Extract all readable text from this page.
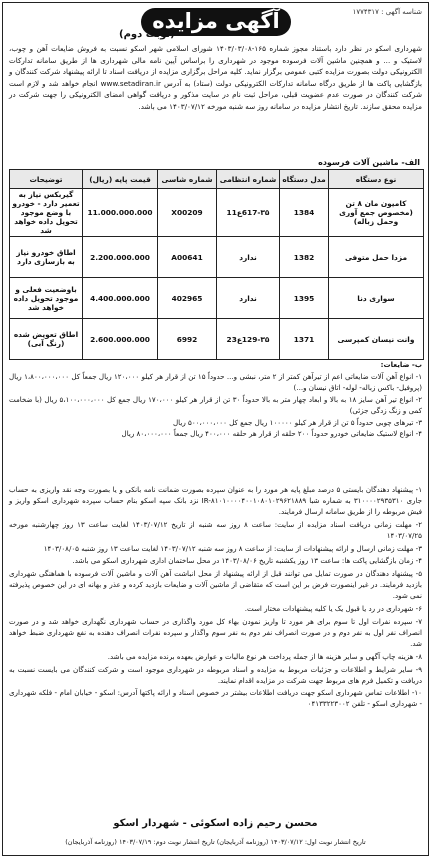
شناسه آگهی : ۱۷۷۴۳۱۷
آگهی مزایده
(نوبت دوم)
شهرداری اسکو در نظر دارد باستناد مجوز شماره ۱۶۵-۱۴۰۳/۰۳/۰۸ شورای اسلامی شهر اسکو نسبت به فروش ضایعات آهن و چوب، لاستیک و ... و همچنین ماشین آلات فرسوده موجود در شهرداری را براساس آیین نامه مالی شهرداری ها از طریق سامانه تدارکات الکترونیکی دولت بصورت مزایده کتبی عمومی برگزار نماید. کلیه مراحل برگزاری مزایده از دریافت اسناد تا ارائه پیشنهاد شرکت کنندگان و بازگشایی پاکت ها از طریق درگاه سامانه تدارکات الکترونیکی دولت (ستاد) به آدرس www.setadiran.ir انجام خواهد شد و لازم است شرکت کنندگان در صورت عدم عضویت قبلی، مراحل ثبت نام در سایت مذکور و دریافت گواهی امضای الکترونیکی را جهت شرکت در مزایده محقق سازند. تاریخ انتشار مزایده در سامانه روز سه شنبه مورخه ۱۴۰۳/۰۷/۱۲ می باشد.
الف- ماشین آلات فرسوده
نوع دستگاه	مدل دستگاه	شماره انتظامی	شماره شاسی	قیمت پایه (ریال)	توضیحات
کامیون مان ۸ تن (مخصوص جمع آوری وحمل زباله)	1384	617-۳۵ع11	X00209	11.000.000.000	گیربکس نیاز به تعمیر دارد - خودرو با وضع موجود تحویل داده خواهد شد
مزدا حمل متوفی	1382	ندارد	A00641	2.200.000.000	اطاق خودرو نیاز به بازسازی دارد
سواری دنا	1395	ندارد	402965	4.400.000.000	باوضعیت فعلی و موجود تحویل داده خواهد شد
وانت نیسان کمپرسی	1371	129-۳۵ع23	6992	2.600.000.000	اطاق تعویض شده (رنگ آبی)

ب- ضایعات:

۱- انواع آهن آلات ضایعاتی اعم از تیرآهن کمتر از ۲ متر، نبشی و... حدوداً ۱۵ تن از قرار هر کیلو ۱۲۰،۰۰۰ ریال جمعاً کل ۱،۸۰۰،۰۰۰،۰۰۰ ریال (پروفیل- باکس زباله- لوله- اتاق نیسان و...)

۲- انواع تیر آهن سایز ۱۸ به بالا و ابعاد چهار متر به بالا حدوداً ۳۰ تن از قرار هر کیلو ۱۷۰،۰۰۰ ریال جمع کل ۵،۱۰۰،۰۰۰،۰۰۰ ریال (با ضخامت کمی و زنگ زدگی جزئی)

۳- تیرهای چوبی حدوداً ۵ تن از قرار هر کیلو ۱۰۰۰۰۰ ریال جمع کل ۵۰۰،۰۰۰،۰۰۰ ریال

۴- انواع لاستیک ضایعاتی خودرو حدوداً ۲۰۰ حلقه از قرار هر حلقه ۴۰۰،۰۰۰ ریال جمعاً ۸۰،۰۰۰،۰۰۰ ریال

۱- پیشنهاد دهندگان بایستی ۵ درصد مبلغ پایه هر مورد را به عنوان سپرده بصورت ضمانت نامه بانکی و یا بصورت وجه نقد واریزی به حساب جاری ۳۱۰۰۰۰۲۹۳۵۳۱۰ به شماره شبا IR-۸۱۰۱۰۰۰۰۴۰۰۱۰۸۰۱۰۲۹۶۲۱۸۸۹ نزد بانک سپه اسکو بنام حساب سپرده شهرداری اسکو واریز و فیش مربوطه را از طریق سامانه ارسال فرمایند.

۲- مهلت زمانی دریافت اسناد مزایده از سایت: ساعت ۸ روز سه شنبه از تاریخ ۱۴۰۳/۰۷/۱۲ لغایت ساعت ۱۳ روز چهارشنبه مورخه ۱۴۰۳/۰۷/۲۵

۳- مهلت زمانی ارسال و ارائه پیشنهادات از سایت: از ساعت ۸ روز سه شنبه ۱۴۰۳/۰۷/۱۲ لغایت ساعت ۱۳ روز شنبه ۱۴۰۳/۰۸/۰۵

۴- زمان بازگشایی پاکت ها: ساعت ۱۳ روز یکشنبه تاریخ ۱۴۰۳/۰۸/۰۶ در محل ساختمان اداری شهرداری اسکو می باشد.

۵- پیشنهاد دهندگان در صورت تمایل می توانند قبل از ارائه پیشنهاد از محل انباشت آهن آلات و ماشین آلات فرسوده با هماهنگی شهرداری بازدید فرمایند. در غیر اینصورت فرض بر این است که متقاضی از ماشین آلات و ضایعات بازدید کرده و عذر و بهانه ای در این خصوص پذیرفته نمی شود.

۶- شهرداری در رد یا قبول یک یا کلیه پیشنهادات مختار است.

۷- سپرده نفرات اول تا سوم برای هر مورد تا واریز نمودن بهاء کل مورد واگذاری در حساب شهرداری نگهداری خواهد شد و در صورت انصراف نفر اول به نفر دوم و در صورت انصراف نفر دوم به نفر سوم واگذار و سپرده نفرات انصراف دهنده به نفع شهرداری ضبط خواهد شد.

۸- هزینه چاپ آگهی و سایر هزینه ها از جمله پرداخت هر نوع مالیات و عوارض بعهده برنده مزایده می باشد.

۹- سایر شرایط و اطلاعات و جزئیات مربوط به مزایده و اسناد مربوطه در شهرداری موجود است و شرکت کنندگان می بایست نسبت به دریافت و تکمیل فرم های مربوط جهت شرکت در مزایده اقدام نمایند.

۱۰- اطلاعات تماس شهرداری اسکو جهت دریافت اطلاعات بیشتر در خصوص اسناد و ارائه پاکتها آدرس: اسکو - خیابان امام - فلکه شهرداری - شهرداری اسکو - تلفن ۰۴۱۳۳۲۲۳۰۰۲

محسن رحیم زاده اسکوئی - شهردار اسکو
تاریخ انتشار نوبت اول: ۱۴۰۳/۰۷/۱۲ (روزنامه آذربایجان) تاریخ انتشار نوبت دوم: ۱۴۰۳/۰۷/۱۹ (روزنامه آذربایجان)
